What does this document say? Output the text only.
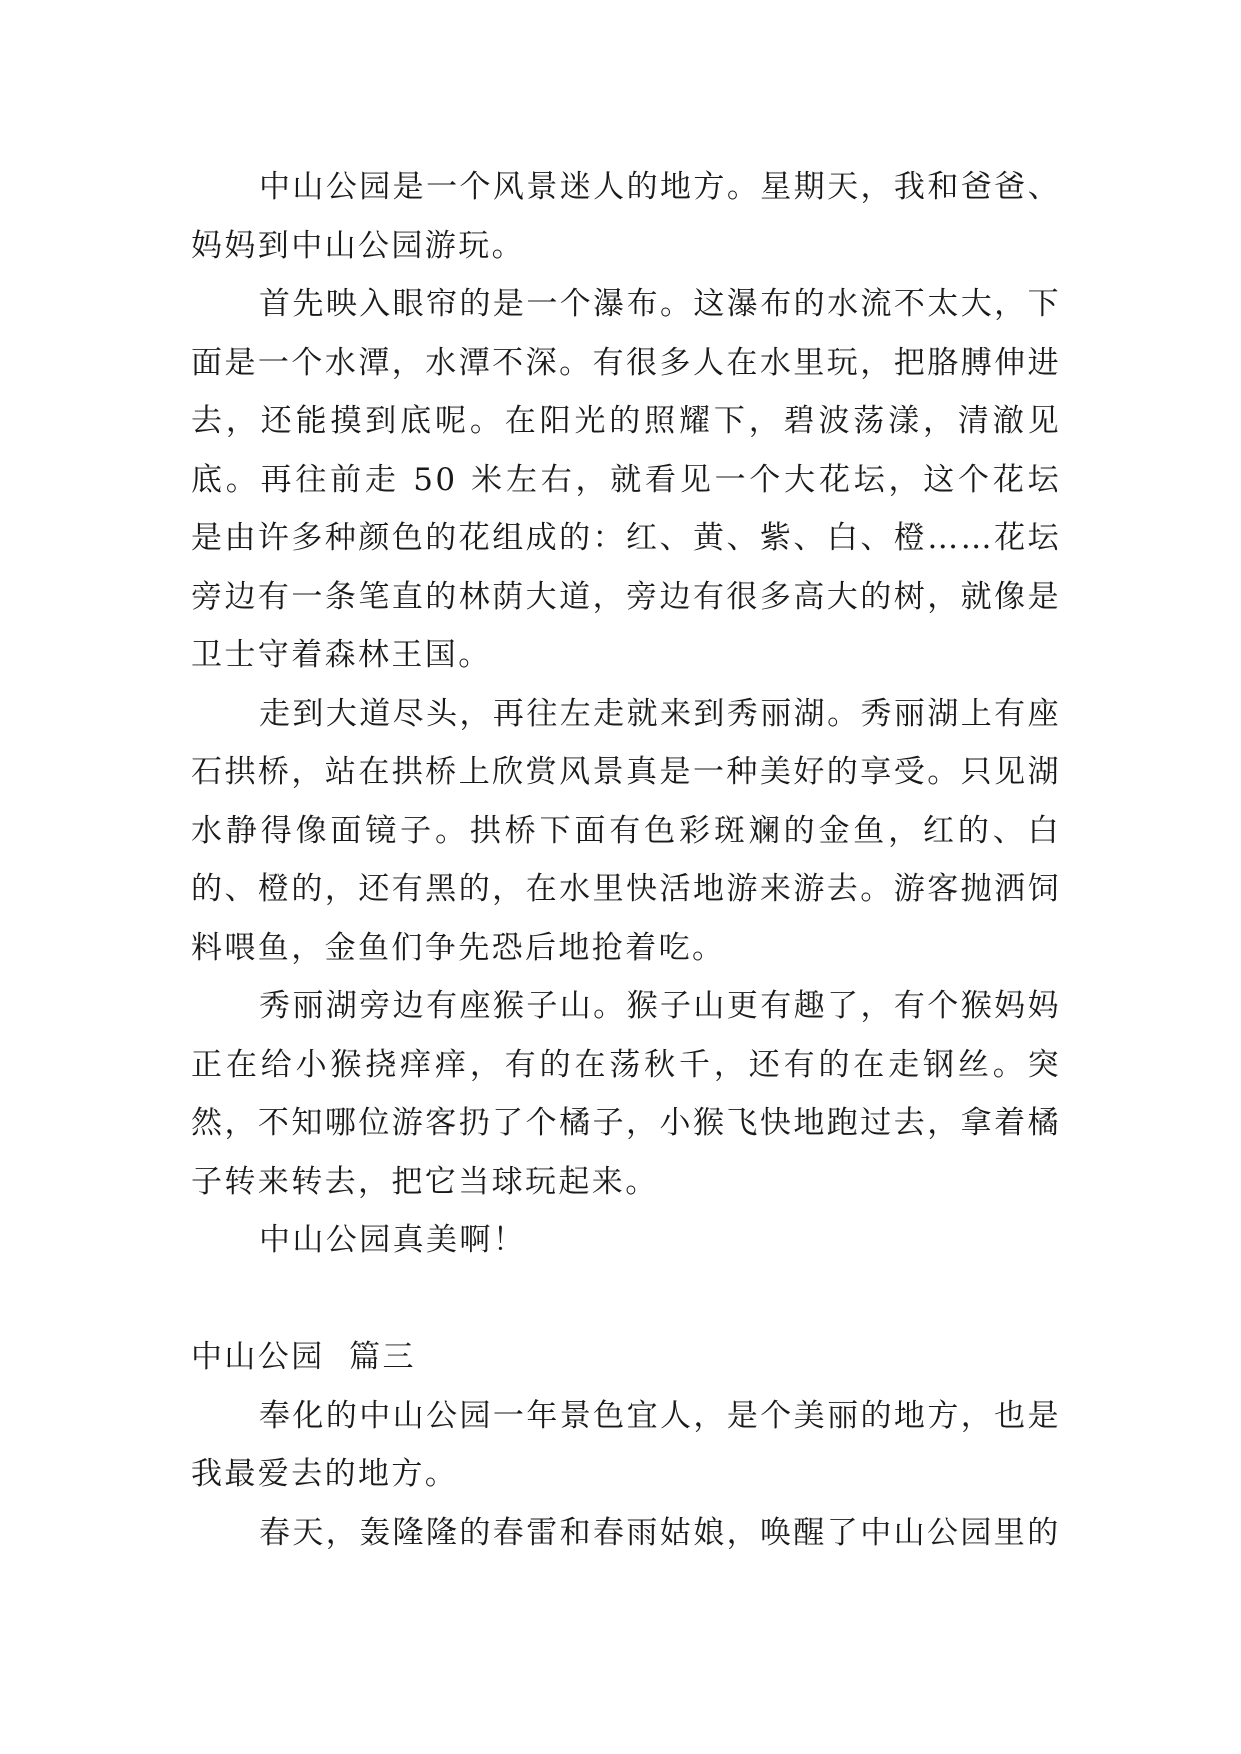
中山公园是一个风景迷人的地方。星期天，我和爸爸、妈妈到中山公园游玩。

首先映入眼帘的是一个瀑布。这瀑布的水流不太大，下面是一个水潭，水潭不深。有很多人在水里玩，把胳膊伸进去，还能摸到底呢。在阳光的照耀下，碧波荡漾，清澈见底。再往前走 50 米左右，就看见一个大花坛，这个花坛是由许多种颜色的花组成的：红、黄、紫、白、橙……花坛旁边有一条笔直的林荫大道，旁边有很多高大的树，就像是卫士守着森林王国。

走到大道尽头，再往左走就来到秀丽湖。秀丽湖上有座石拱桥，站在拱桥上欣赏风景真是一种美好的享受。只见湖水静得像面镜子。拱桥下面有色彩斑斓的金鱼，红的、白的、橙的，还有黑的，在水里快活地游来游去。游客抛洒饲料喂鱼，金鱼们争先恐后地抢着吃。

秀丽湖旁边有座猴子山。猴子山更有趣了，有个猴妈妈正在给小猴挠痒痒，有的在荡秋千，还有的在走钢丝。突然，不知哪位游客扔了个橘子，小猴飞快地跑过去，拿着橘子转来转去，把它当球玩起来。

中山公园真美啊！

中山公园  篇三

奉化的中山公园一年景色宜人，是个美丽的地方，也是我最爱去的地方。

春天，轰隆隆的春雷和春雨姑娘，唤醒了中山公园里的
